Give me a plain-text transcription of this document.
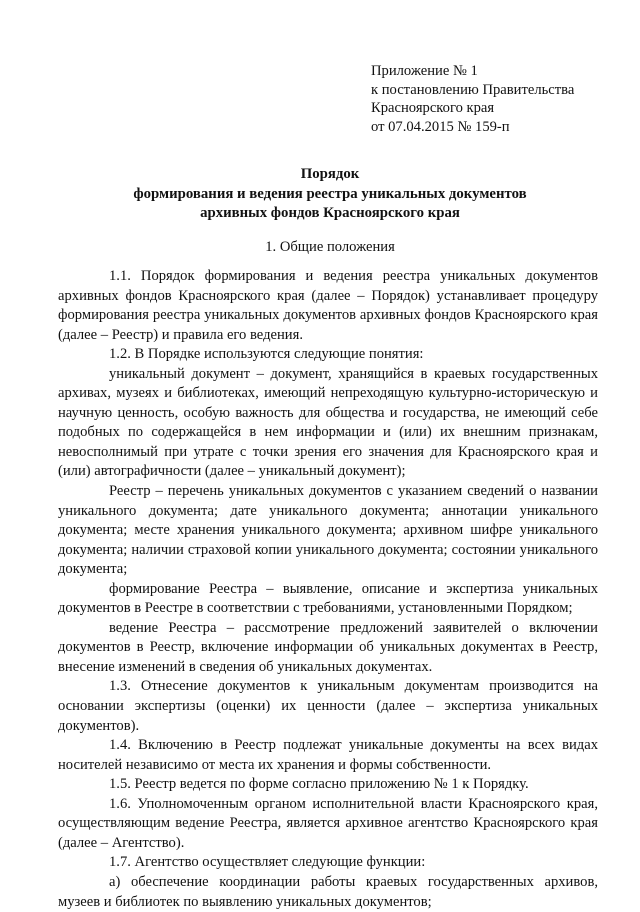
Приложение № 1
к постановлению Правительства
Красноярского края
от 07.04.2015 № 159-п
Порядок
формирования и ведения реестра уникальных документов
архивных фондов Красноярского края
1. Общие положения

1.1. Порядок формирования и ведения реестра уникальных документов архивных фондов Красноярского края (далее – Порядок) устанавливает процедуру формирования реестра уникальных документов архивных фондов Красноярского края (далее – Реестр) и правила его ведения.

1.2. В Порядке используются следующие понятия:

уникальный документ – документ, хранящийся в краевых государственных архивах, музеях и библиотеках, имеющий непреходящую культурно-историческую и научную ценность, особую важность для общества и государства, не имеющий себе подобных по содержащейся в нем информации и (или) их внешним признакам, невосполнимый при утрате с точки зрения его значения для Красноярского края и (или) автографичности (далее – уникальный документ);

Реестр – перечень уникальных документов с указанием сведений о названии уникального документа; дате уникального документа; аннотации уникального документа; месте хранения уникального документа; архивном шифре уникального документа; наличии страховой копии уникального документа; состоянии уникального документа;

формирование Реестра – выявление, описание и экспертиза уникальных документов в Реестре в соответствии с требованиями, установленными Порядком;

ведение Реестра – рассмотрение предложений заявителей о включении документов в Реестр, включение информации об уникальных документах в Реестр, внесение изменений в сведения об уникальных документах.

1.3. Отнесение документов к уникальным документам производится на основании экспертизы (оценки) их ценности (далее – экспертиза уникальных документов).

1.4. Включению в Реестр подлежат уникальные документы на всех видах носителей независимо от места их хранения и формы собственности.

1.5. Реестр ведется по форме согласно приложению № 1 к Порядку.

1.6. Уполномоченным органом исполнительной власти Красноярского края, осуществляющим ведение Реестра, является архивное агентство Красноярского края (далее – Агентство).

1.7. Агентство осуществляет следующие функции:

а) обеспечение координации работы краевых государственных архивов, музеев и библиотек по выявлению уникальных документов;
